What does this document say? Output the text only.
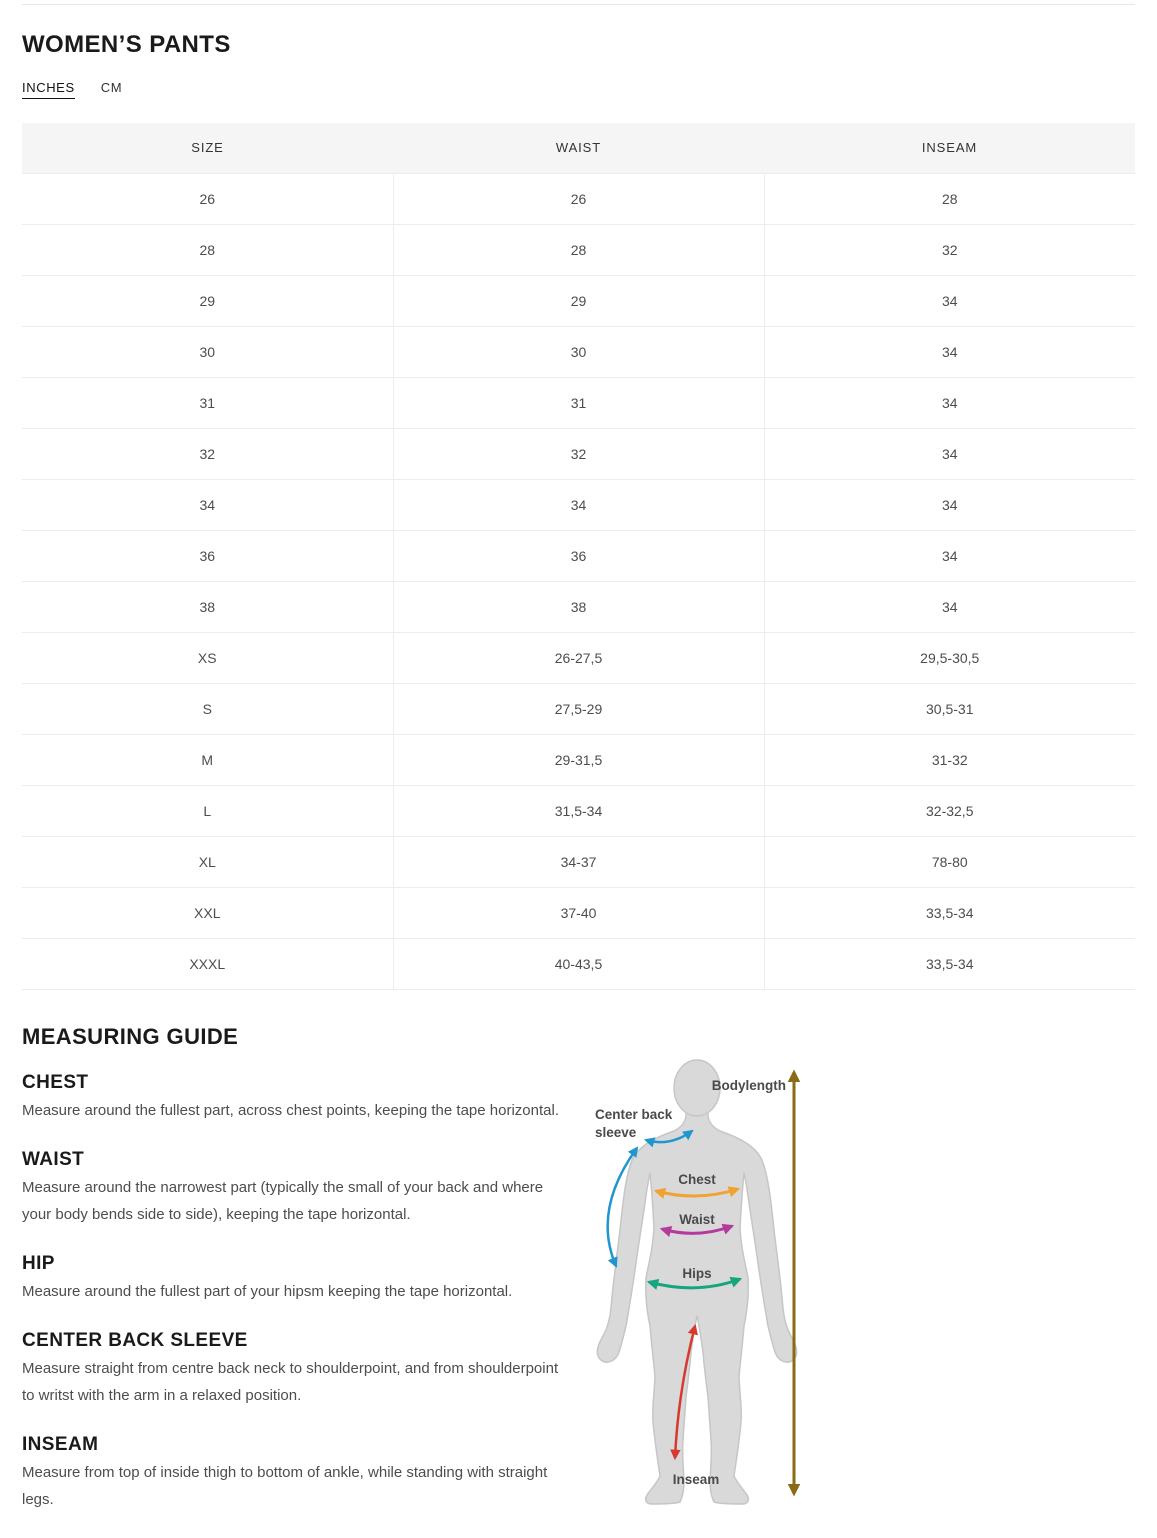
WOMEN’S PANTS
INCHES CM
SIZE	WAIST	INSEAM
26	26	28
28	28	32
29	29	34
30	30	34
31	31	34
32	32	34
34	34	34
36	36	34
38	38	34
XS	26-27,5	29,5-30,5
S	27,5-29	30,5-31
M	29-31,5	31-32
L	31,5-34	32-32,5
XL	34-37	78-80
XXL	37-40	33,5-34
XXXL	40-43,5	33,5-34
MEASURING GUIDE
CHEST

Measure around the fullest part, across chest points, keeping the tape horizontal.

WAIST

Measure around the narrowest part (typically the small of your back and where your body bends side to side), keeping the tape horizontal.

HIP

Measure around the fullest part of your hipsm keeping the tape horizontal.

CENTER BACK SLEEVE

Measure straight from centre back neck to shoulderpoint, and from shoulderpoint to writst with the arm in a relaxed position.

INSEAM

Measure from top of inside thigh to bottom of ankle, while standing with straight legs.

Bodylength
Center back
sleeve
Chest
Waist
Hips
Inseam
